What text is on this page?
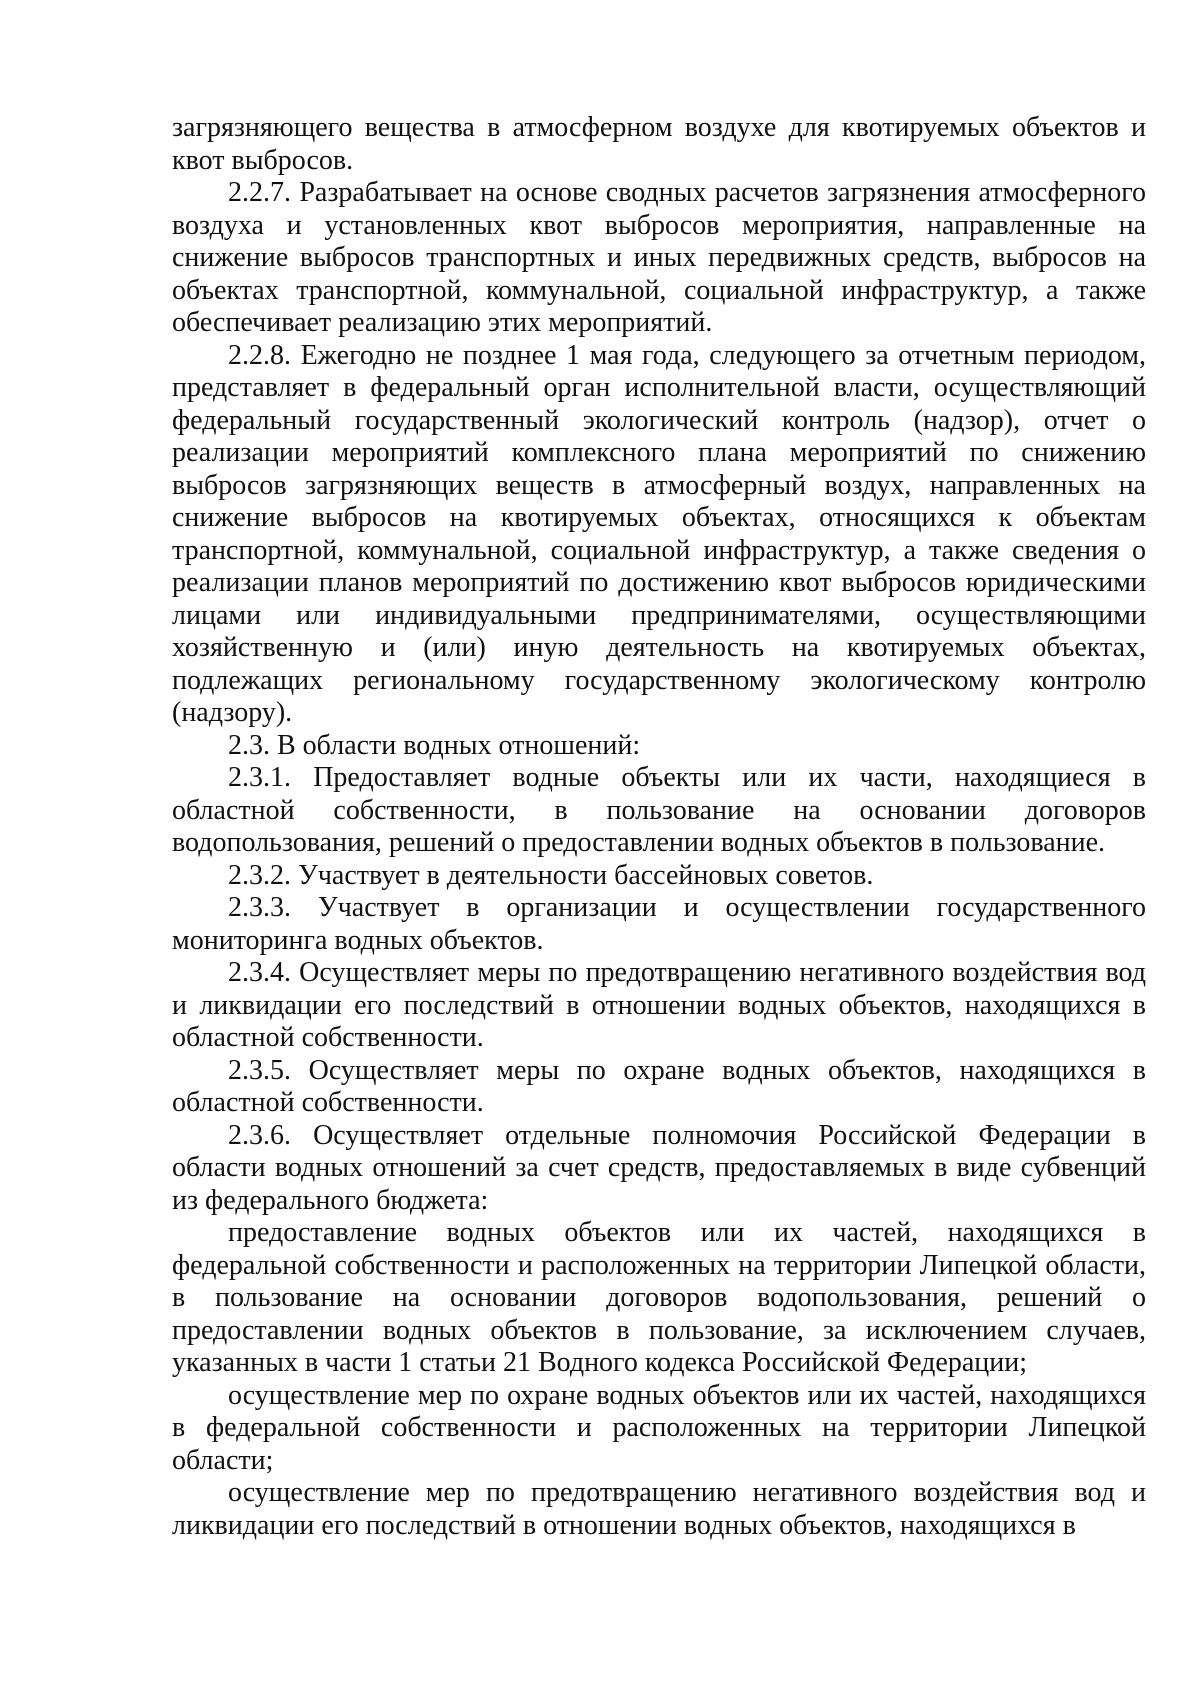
загрязняющего вещества в атмосферном воздухе для квотируемых объектов и квот выбросов.

2.2.7. Разрабатывает на основе сводных расчетов загрязнения атмосферного воздуха и установленных квот выбросов мероприятия, направленные на снижение выбросов транспортных и иных передвижных средств, выбросов на объектах транспортной, коммунальной, социальной инфраструктур, а также обеспечивает реализацию этих мероприятий.

2.2.8. Ежегодно не позднее 1 мая года, следующего за отчетным периодом, представляет в федеральный орган исполнительной власти, осуществляющий федеральный государственный экологический контроль (надзор), отчет о реализации мероприятий комплексного плана мероприятий по снижению выбросов загрязняющих веществ в атмосферный воздух, направленных на снижение выбросов на квотируемых объектах, относящихся к объектам транспортной, коммунальной, социальной инфраструктур, а также сведения о реализации планов мероприятий по достижению квот выбросов юридическими лицами или индивидуальными предпринимателями, осуществляющими хозяйственную и (или) иную деятельность на квотируемых объектах, подлежащих региональному государственному экологическому контролю (надзору).

2.3. В области водных отношений:

2.3.1. Предоставляет водные объекты или их части, находящиеся в областной собственности, в пользование на основании договоров водопользования, решений о предоставлении водных объектов в пользование.

2.3.2. Участвует в деятельности бассейновых советов.

2.3.3. Участвует в организации и осуществлении государственного мониторинга водных объектов.

2.3.4. Осуществляет меры по предотвращению негативного воздействия вод и ликвидации его последствий в отношении водных объектов, находящихся в областной собственности.

2.3.5. Осуществляет меры по охране водных объектов, находящихся в областной собственности.

2.3.6. Осуществляет отдельные полномочия Российской Федерации в области водных отношений за счет средств, предоставляемых в виде субвенций из федерального бюджета:

предоставление водных объектов или их частей, находящихся в федеральной собственности и расположенных на территории Липецкой области, в пользование на основании договоров водопользования, решений о предоставлении водных объектов в пользование, за исключением случаев, указанных в части 1 статьи 21 Водного кодекса Российской Федерации;

осуществление мер по охране водных объектов или их частей, находящихся в федеральной собственности и расположенных на территории Липецкой области;

осуществление мер по предотвращению негативного воздействия вод и ликвидации его последствий в отношении водных объектов, находящихся в
